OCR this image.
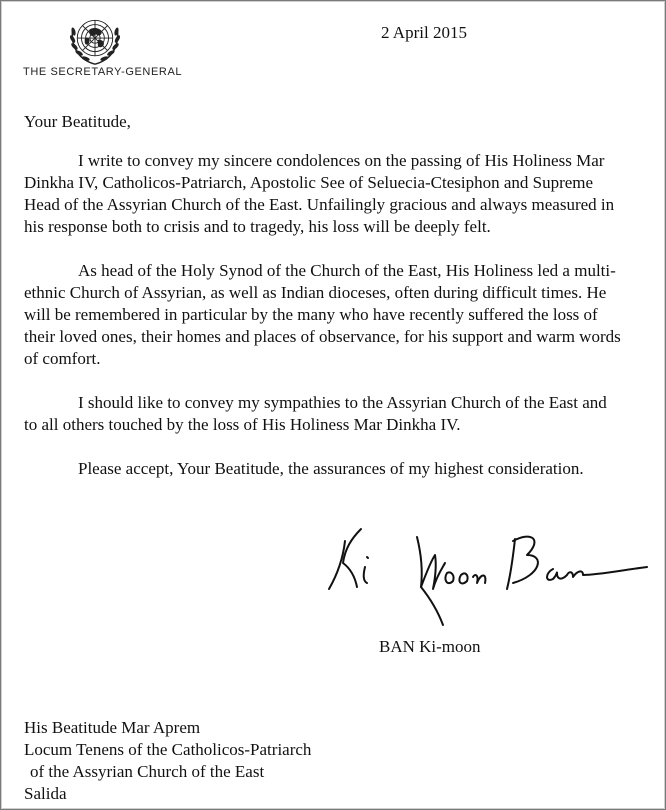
THE SECRETARY-GENERAL
2 April 2015
Your Beatitude,

I write to convey my sincere condolences on the passing of His Holiness Mar Dinkha IV, Catholicos-Patriarch, Apostolic See of Seluecia-Ctesiphon and Supreme Head of the Assyrian Church of the East. Unfailingly gracious and always measured in his response both to crisis and to tragedy, his loss will be deeply felt.

As head of the Holy Synod of the Church of the East, His Holiness led a multi-ethnic Church of Assyrian, as well as Indian dioceses, often during difficult times. He will be remembered in particular by the many who have recently suffered the loss of their loved ones, their homes and places of observance, for his support and warm words of comfort.

I should like to convey my sympathies to the Assyrian Church of the East and to all others touched by the loss of His Holiness Mar Dinkha IV.

Please accept, Your Beatitude, the assurances of my highest consideration.

BAN Ki-moon
His Beatitude Mar Aprem
Locum Tenens of the Catholicos-Patriarch
of the Assyrian Church of the East
Salida
